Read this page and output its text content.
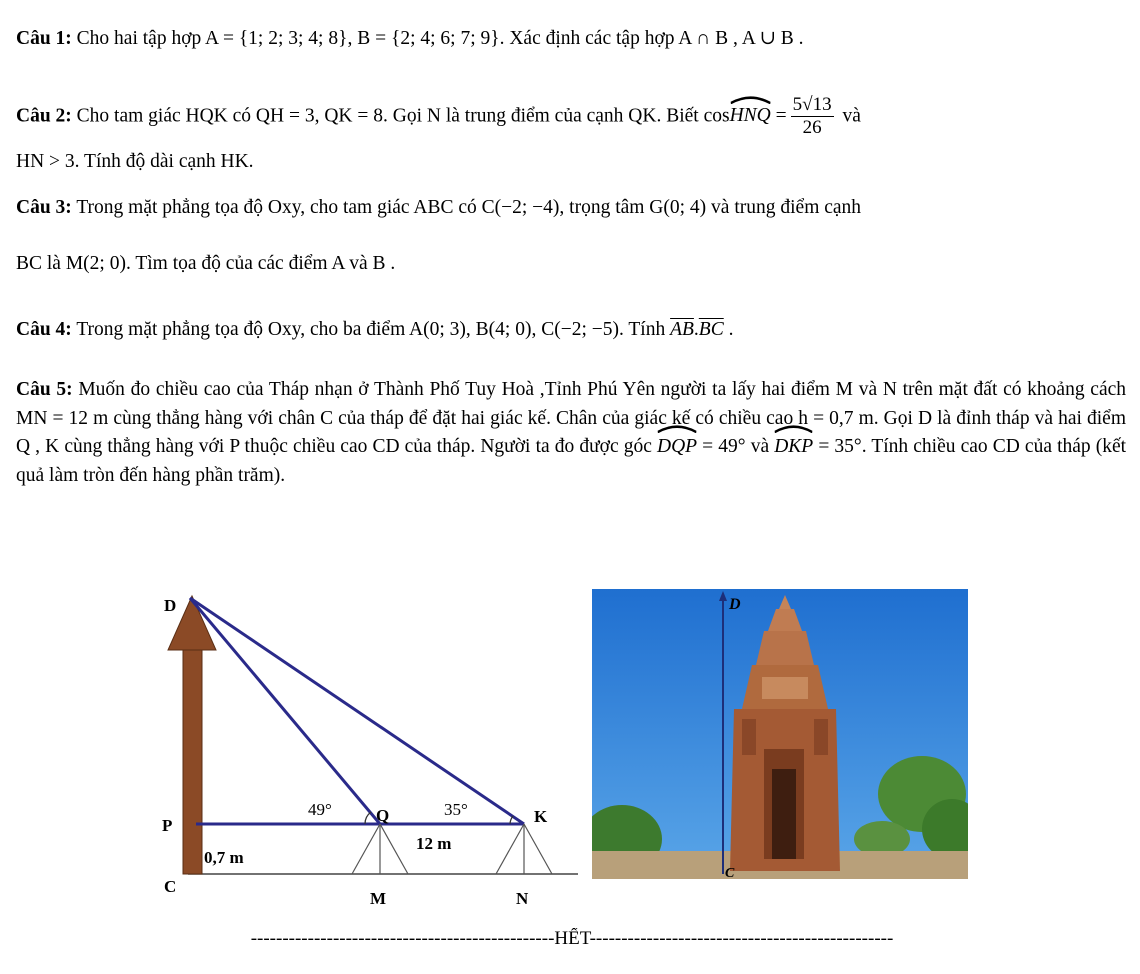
Câu 1: Cho hai tập hợp A = {1; 2; 3; 4; 8}, B = {2; 4; 6; 7; 9}. Xác định các tập hợp A ∩ B , A ∪ B .
Câu 2: Cho tam giác HQK có QH = 3, QK = 8. Gọi N là trung điểm của cạnh QK. Biết cos
HNQ = $\frac{5√13}{26}$ và
HN > 3. Tính độ dài cạnh HK.
Câu 3: Trong mặt phẳng tọa độ Oxy, cho tam giác ABC có C(−2; −4), trọng tâm G(0; 4) và trung điểm cạnh
BC là M(2; 0). Tìm tọa độ của các điểm A và B .
Câu 4: Trong mặt phẳng tọa độ Oxy, cho ba điểm A(0; 3), B(4; 0), C(−2; −5). Tính $\overline{AB}.\overline{BC}$ .
Câu 5: Muốn đo chiều cao của Tháp nhạn ở Thành Phố Tuy Hoà ,Tỉnh Phú Yên người ta lấy hai điểm M và N trên mặt đất có khoảng cách MN = 12 m cùng thẳng hàng với chân C của tháp để đặt hai giác kế. Chân của giác kế có chiều cao h = 0,7 m. Gọi D là đỉnh tháp và hai điểm Q , K cùng thẳng hàng với P thuộc chiều cao CD của tháp. Người ta đo được góc DQP = 49° và DKP = 35°. Tính chiều cao CD của tháp (kết quả làm tròn đến hàng phần trăm).
D
P
C
Q	K
M	N
12 m
0,7 m
49°	35°
D
C
------------------------------------------------HẾT------------------------------------------------
